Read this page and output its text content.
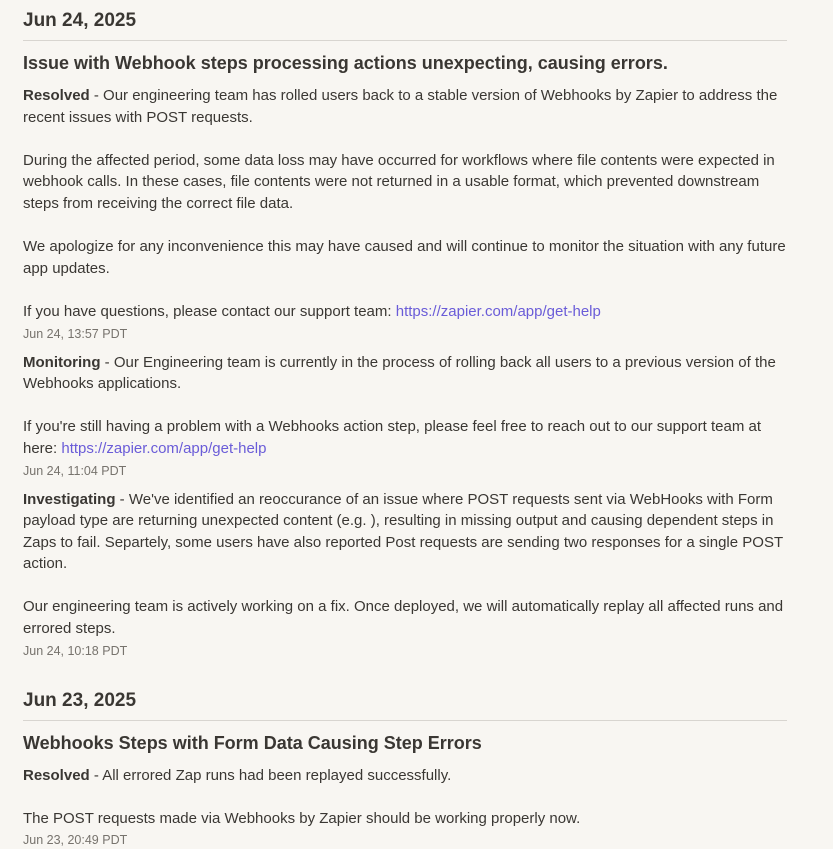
Jun 24, 2025
Issue with Webhook steps processing actions unexpecting, causing errors.

Resolved - Our engineering team has rolled users back to a stable version of Webhooks by Zapier to address the recent issues with POST requests.

During the affected period, some data loss may have occurred for workflows where file contents were expected in webhook calls. In these cases, file contents were not returned in a usable format, which prevented downstream steps from receiving the correct file data.

We apologize for any inconvenience this may have caused and will continue to monitor the situation with any future app updates.

If you have questions, please contact our support team: https://zapier.com/app/get-help

Jun 24, 13:57 PDT

Monitoring - Our Engineering team is currently in the process of rolling back all users to a previous version of the Webhooks applications.

If you're still having a problem with a Webhooks action step, please feel free to reach out to our support team at here: https://zapier.com/app/get-help

Jun 24, 11:04 PDT

Investigating - We've identified an reoccurance of an issue where POST requests sent via WebHooks with Form payload type are returning unexpected content (e.g. ), resulting in missing output and causing dependent steps in Zaps to fail. Separtely, some users have also reported Post requests are sending two responses for a single POST action.

Our engineering team is actively working on a fix. Once deployed, we will automatically replay all affected runs and errored steps.

Jun 24, 10:18 PDT
Jun 23, 2025
Webhooks Steps with Form Data Causing Step Errors

Resolved - All errored Zap runs had been replayed successfully.

The POST requests made via Webhooks by Zapier should be working properly now.

Jun 23, 20:49 PDT
